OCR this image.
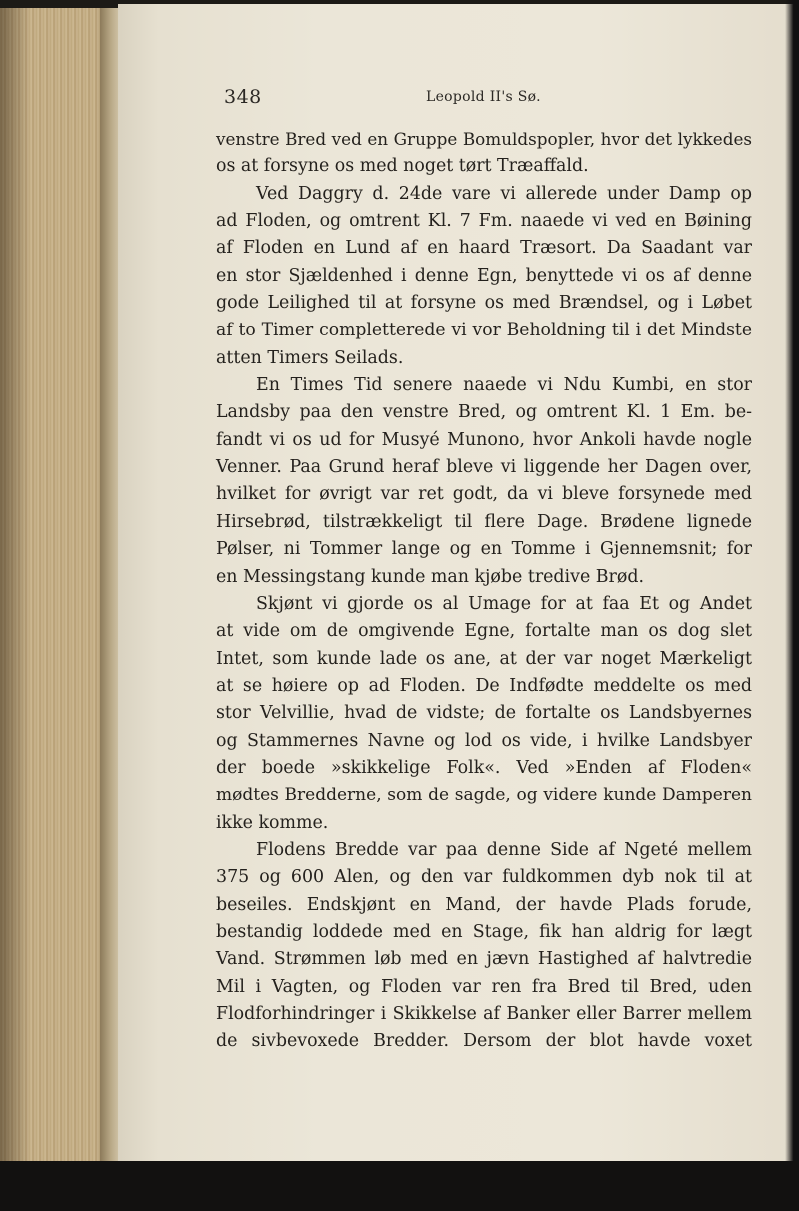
348	Leopold II's Sø.
venstre Bred ved en Gruppe Bomuldspopler, hvor det lykkedes
os at forsyne os med noget tørt Træaffald.
Ved Daggry d. 24de vare vi allerede under Damp op
ad Floden, og omtrent Kl. 7 Fm. naaede vi ved en Bøining
af Floden en Lund af en haard Træsort. Da Saadant var
en stor Sjældenhed i denne Egn, benyttede vi os af denne
gode Leilighed til at forsyne os med Brændsel, og i Løbet
af to Timer completterede vi vor Beholdning til i det Mindste
atten Timers Seilads.
En Times Tid senere naaede vi Ndu Kumbi, en stor
Landsby paa den venstre Bred, og omtrent Kl. 1 Em. be-
fandt vi os ud for Musyé Munono, hvor Ankoli havde nogle
Venner. Paa Grund heraf bleve vi liggende her Dagen over,
hvilket for øvrigt var ret godt, da vi bleve forsynede med
Hirsebrød, tilstrækkeligt til flere Dage. Brødene lignede
Pølser, ni Tommer lange og en Tomme i Gjennemsnit; for
en Messingstang kunde man kjøbe tredive Brød.
Skjønt vi gjorde os al Umage for at faa Et og Andet
at vide om de omgivende Egne, fortalte man os dog slet
Intet, som kunde lade os ane, at der var noget Mærkeligt
at se høiere op ad Floden. De Indfødte meddelte os med
stor Velvillie, hvad de vidste; de fortalte os Landsbyernes
og Stammernes Navne og lod os vide, i hvilke Landsbyer
der boede »skikkelige Folk«. Ved »Enden af Floden«
mødtes Bredderne, som de sagde, og videre kunde Damperen
ikke komme.
Flodens Bredde var paa denne Side af Ngeté mellem
375 og 600 Alen, og den var fuldkommen dyb nok til at
beseiles. Endskjønt en Mand, der havde Plads forude,
bestandig loddede med en Stage, fik han aldrig for lægt
Vand. Strømmen løb med en jævn Hastighed af halvtredie
Mil i Vagten, og Floden var ren fra Bred til Bred, uden
Flodforhindringer i Skikkelse af Banker eller Barrer mellem
de sivbevoxede Bredder. Dersom der blot havde voxet
